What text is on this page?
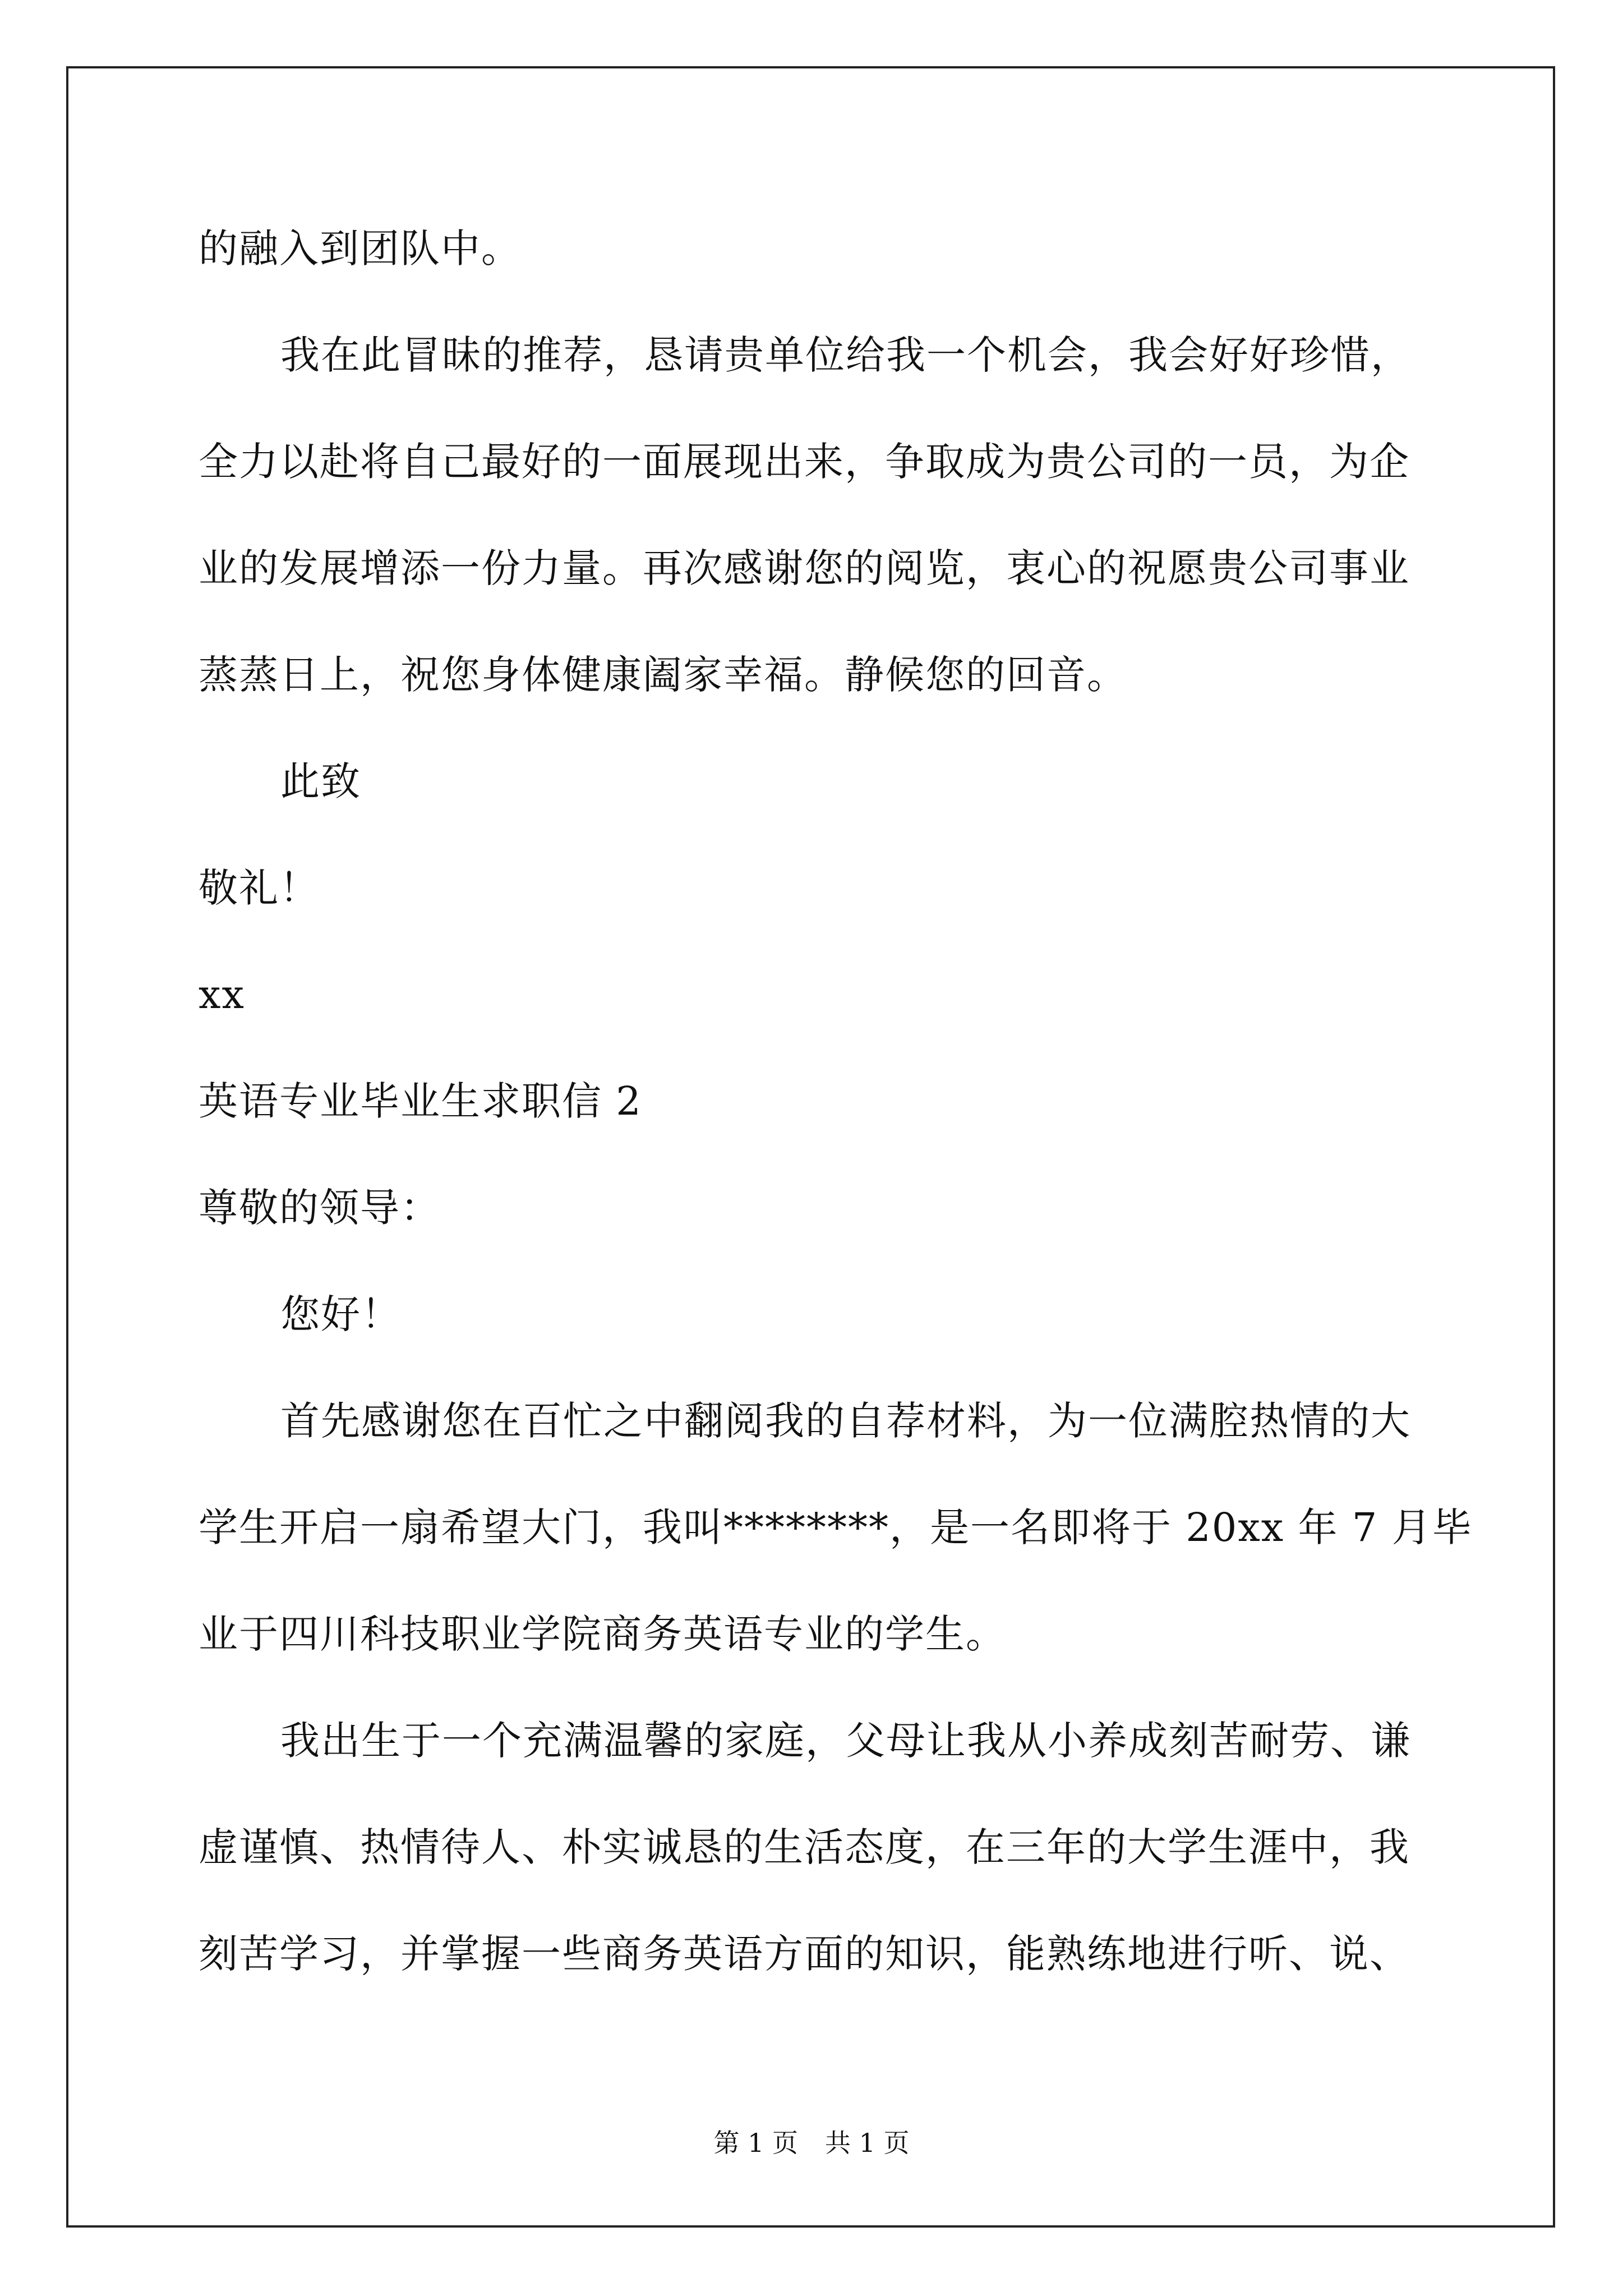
的融入到团队中。
我在此冒昧的推荐，恳请贵单位给我一个机会，我会好好珍惜，
全力以赴将自己最好的一面展现出来，争取成为贵公司的一员，为企
业的发展增添一份力量。再次感谢您的阅览，衷心的祝愿贵公司事业
蒸蒸日上，祝您身体健康阖家幸福。静候您的回音。
此致
敬礼！
xx
英语专业毕业生求职信 2
尊敬的领导：
您好！
首先感谢您在百忙之中翻阅我的自荐材料，为一位满腔热情的大
学生开启一扇希望大门，我叫********，是一名即将于 20xx 年 7 月毕
业于四川科技职业学院商务英语专业的学生。
我出生于一个充满温馨的家庭，父母让我从小养成刻苦耐劳、谦
虚谨慎、热情待人、朴实诚恳的生活态度，在三年的大学生涯中，我
刻苦学习，并掌握一些商务英语方面的知识，能熟练地进行听、说、
第 1 页 共 1 页
